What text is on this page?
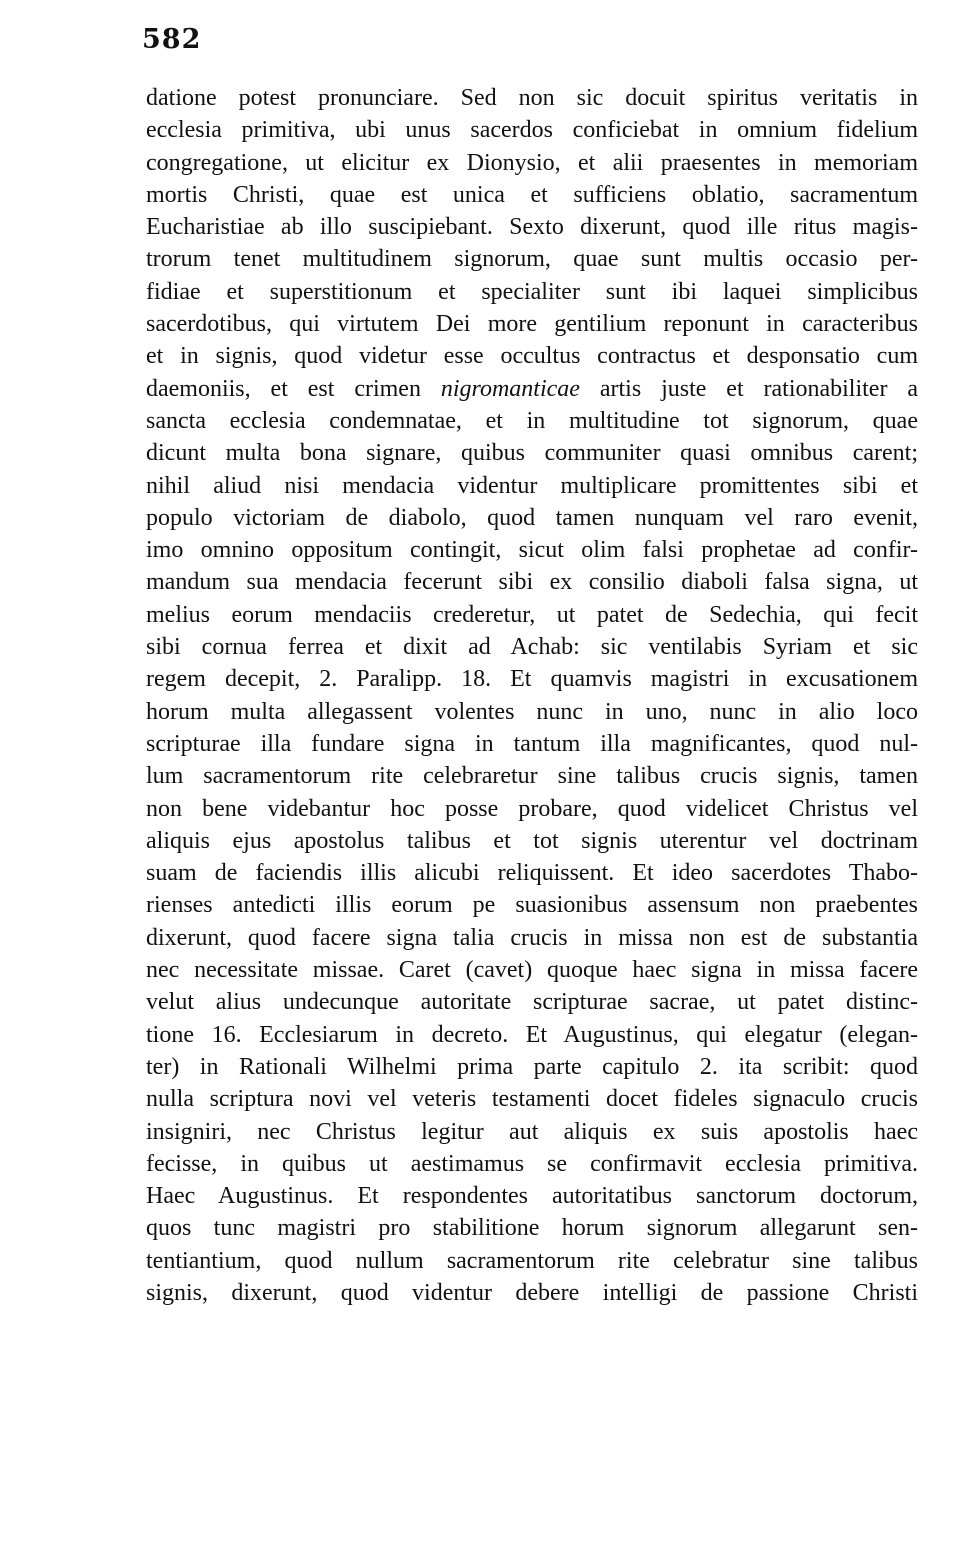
582
datione potest pronunciare. Sed non sic docuit spiritus veritatis in
ecclesia primitiva, ubi unus sacerdos conficiebat in omnium fidelium
congregatione, ut elicitur ex Dionysio, et alii praesentes in memoriam
mortis Christi, quae est unica et sufficiens oblatio, sacramentum
Eucharistiae ab illo suscipiebant. Sexto dixerunt, quod ille ritus magis-
trorum tenet multitudinem signorum, quae sunt multis occasio per-
fidiae et superstitionum et specialiter sunt ibi laquei simplicibus
sacerdotibus, qui virtutem Dei more gentilium reponunt in caracteribus
et in signis, quod videtur esse occultus contractus et desponsatio cum
daemoniis, et est crimen nigromanticae artis juste et rationabiliter a
sancta ecclesia condemnatae, et in multitudine tot signorum, quae
dicunt multa bona signare, quibus communiter quasi omnibus carent;
nihil aliud nisi mendacia videntur multiplicare promittentes sibi et
populo victoriam de diabolo, quod tamen nunquam vel raro evenit,
imo omnino oppositum contingit, sicut olim falsi prophetae ad confir-
mandum sua mendacia fecerunt sibi ex consilio diaboli falsa signa, ut
melius eorum mendaciis crederetur, ut patet de Sedechia, qui fecit
sibi cornua ferrea et dixit ad Achab: sic ventilabis Syriam et sic
regem decepit, 2. Paralipp. 18. Et quamvis magistri in excusationem
horum multa allegassent volentes nunc in uno, nunc in alio loco
scripturae illa fundare signa in tantum illa magnificantes, quod nul-
lum sacramentorum rite celebraretur sine talibus crucis signis, tamen
non bene videbantur hoc posse probare, quod videlicet Christus vel
aliquis ejus apostolus talibus et tot signis uterentur vel doctrinam
suam de faciendis illis alicubi reliquissent. Et ideo sacerdotes Thabo-
rienses antedicti illis eorum pe suasionibus assensum non praebentes
dixerunt, quod facere signa talia crucis in missa non est de substantia
nec necessitate missae. Caret (cavet) quoque haec signa in missa facere
velut alius undecunque autoritate scripturae sacrae, ut patet distinc-
tione 16. Ecclesiarum in decreto. Et Augustinus, qui elegatur (elegan-
ter) in Rationali Wilhelmi prima parte capitulo 2. ita scribit: quod
nulla scriptura novi vel veteris testamenti docet fideles signaculo crucis
insigniri, nec Christus legitur aut aliquis ex suis apostolis haec
fecisse, in quibus ut aestimamus se confirmavit ecclesia primitiva.
Haec Augustinus. Et respondentes autoritatibus sanctorum doctorum,
quos tunc magistri pro stabilitione horum signorum allegarunt sen-
tentiantium, quod nullum sacramentorum rite celebratur sine talibus
signis, dixerunt, quod videntur debere intelligi de passione Christi
